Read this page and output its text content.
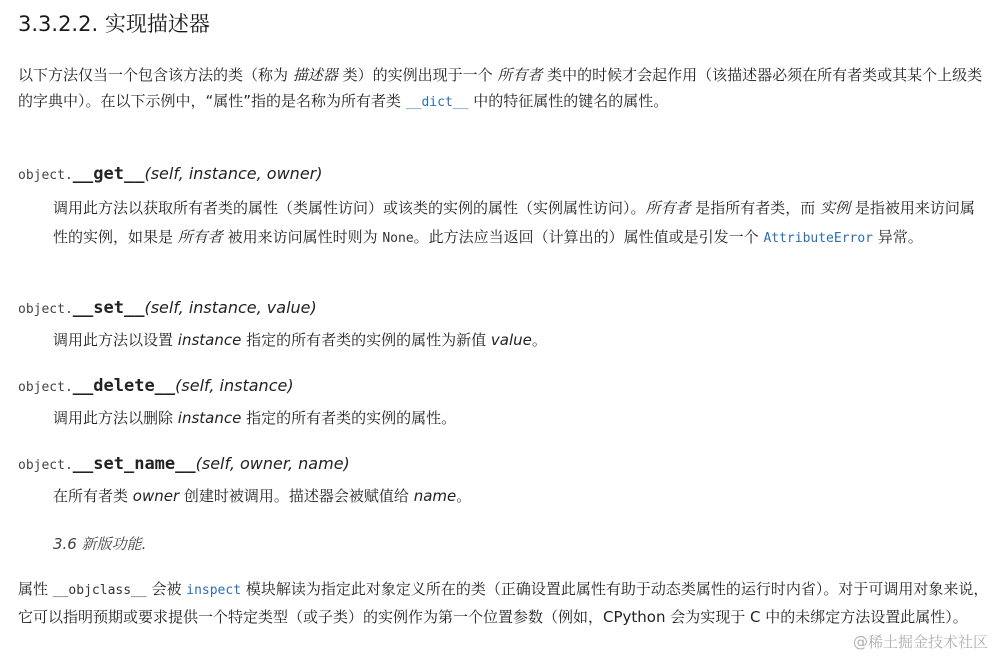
3.3.2.2. 实现描述器

以下方法仅当一个包含该方法的类（称为 描述器 类）的实例出现于一个 所有者 类中的时候才会起作用（该描述器必须在所有者类或其某个上级类的字典中）。在以下示例中，“属性”指的是名称为所有者类 __dict__ 中的特征属性的键名的属性。

object.__get__(self, instance, owner)

调用此方法以获取所有者类的属性（类属性访问）或该类的实例的属性（实例属性访问）。所有者 是指所有者类，而 实例 是指被用来访问属性的实例，如果是 所有者 被用来访问属性时则为 None。此方法应当返回（计算出的）属性值或是引发一个 AttributeError 异常。

object.__set__(self, instance, value)

调用此方法以设置 instance 指定的所有者类的实例的属性为新值 value。

object.__delete__(self, instance)

调用此方法以删除 instance 指定的所有者类的实例的属性。

object.__set_name__(self, owner, name)

在所有者类 owner 创建时被调用。描述器会被赋值给 name。

3.6 新版功能.

属性 __objclass__ 会被 inspect 模块解读为指定此对象定义所在的类（正确设置此属性有助于动态类属性的运行时内省）。对于可调用对象来说，它可以指明预期或要求提供一个特定类型（或子类）的实例作为第一个位置参数（例如，CPython 会为实现于 C 中的未绑定方法设置此属性）。

@稀土掘金技术社区
